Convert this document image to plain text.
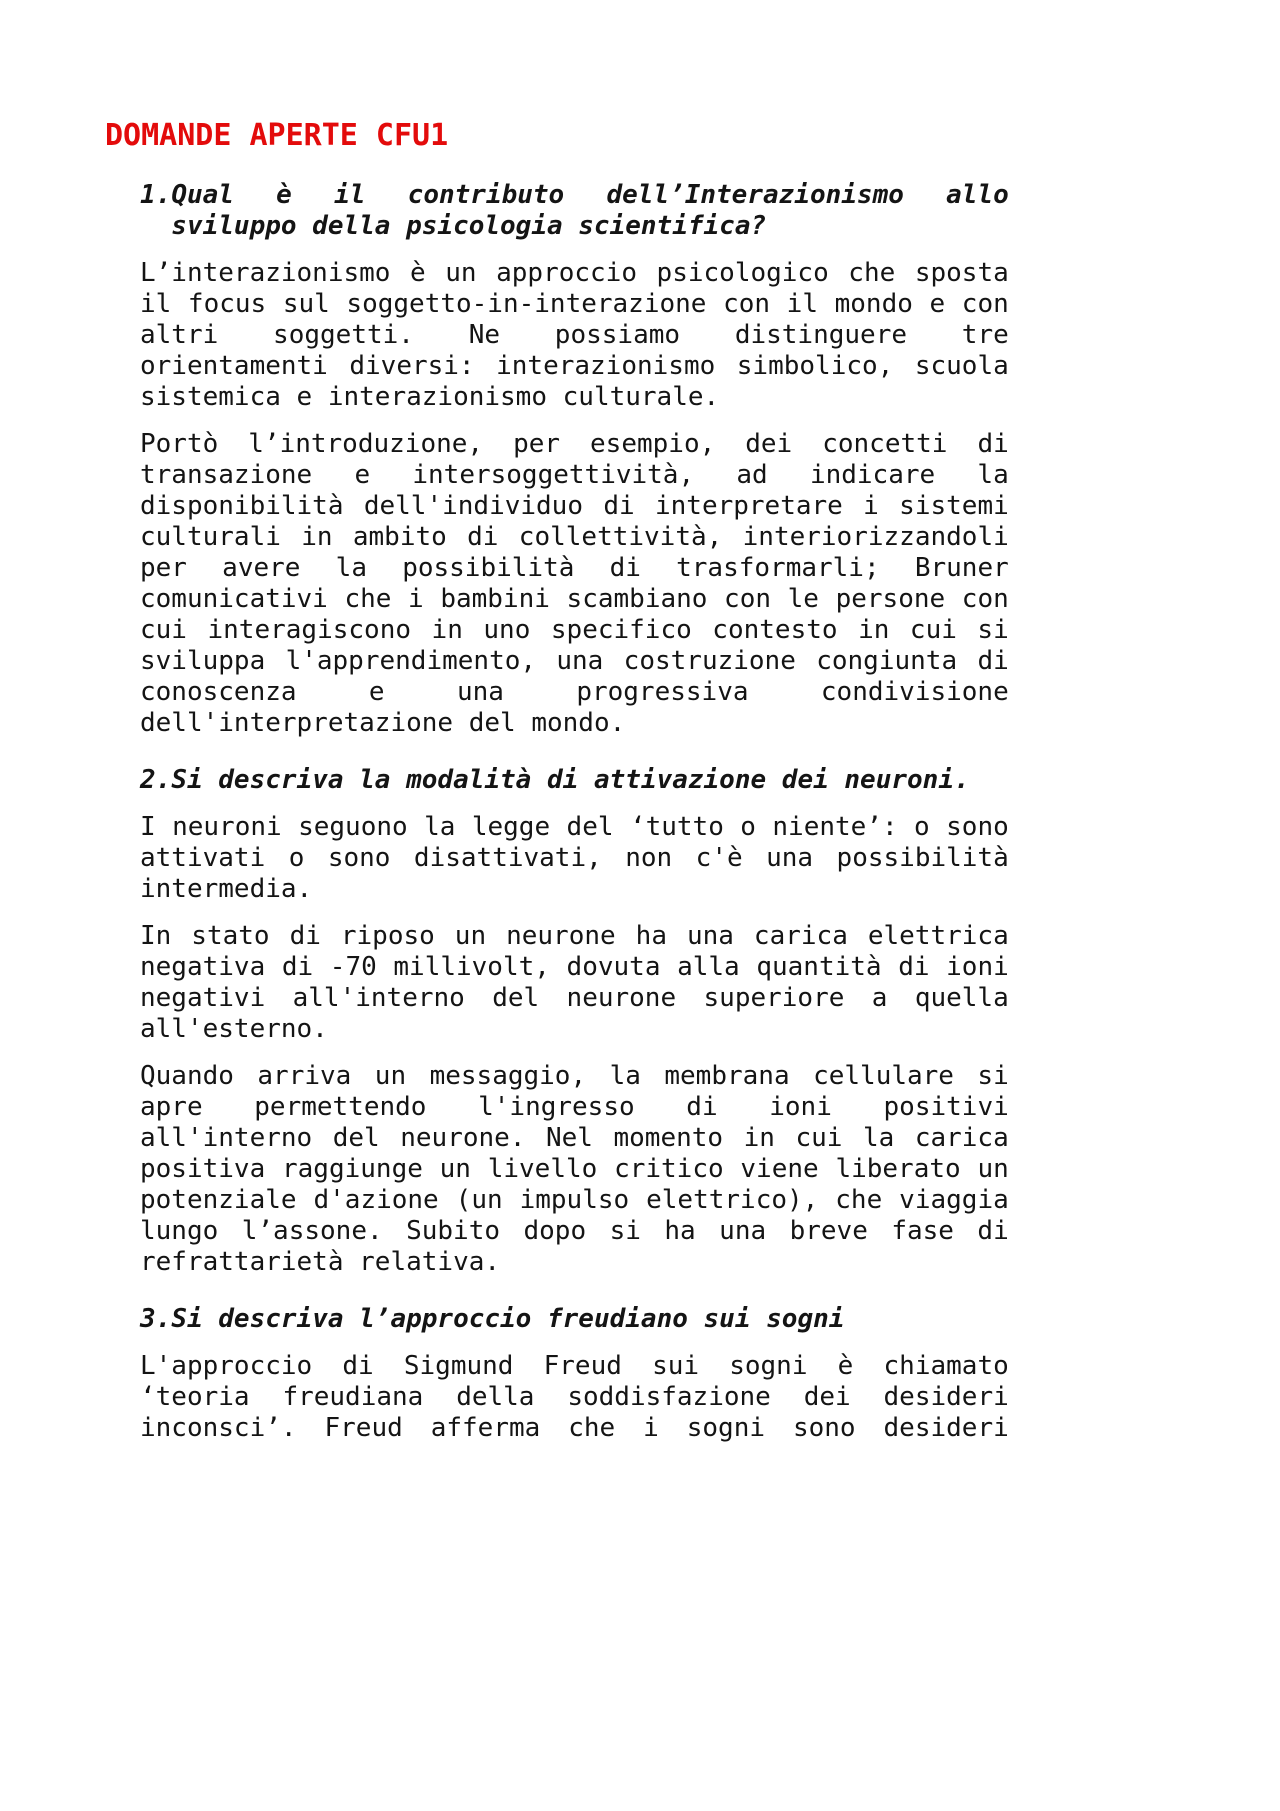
DOMANDE APERTE CFU1
1.Qual è il contributo dell’Interazionismo allo sviluppo della psicologia scientifica?

L’interazionismo è un approccio psicologico che sposta il focus sul soggetto-in-interazione con il mondo e con altri soggetti. Ne possiamo distinguere tre orientamenti diversi: interazionismo simbolico, scuola sistemica e interazionismo culturale.

Portò l’introduzione, per esempio, dei concetti di transazione e intersoggettività, ad indicare la disponibilità dell'individuo di interpretare i sistemi culturali in ambito di collettività, interiorizzandoli per avere la possibilità di trasformarli; Bruner comunicativi che i bambini scambiano con le persone con cui interagiscono in uno specifico contesto in cui si sviluppa l'apprendimento, una costruzione congiunta di conoscenza e una progressiva condivisione dell'interpretazione del mondo.

2.Si descriva la modalità di attivazione dei neuroni.

I neuroni seguono la legge del ‘tutto o niente’: o sono attivati o sono disattivati, non c'è una possibilità intermedia.

In stato di riposo un neurone ha una carica elettrica negativa di -70 millivolt, dovuta alla quantità di ioni negativi all'interno del neurone superiore a quella all'esterno.

Quando arriva un messaggio, la membrana cellulare si apre permettendo l'ingresso di ioni positivi all'interno del neurone. Nel momento in cui la carica positiva raggiunge un livello critico viene liberato un potenziale d'azione (un impulso elettrico), che viaggia lungo l’assone. Subito dopo si ha una breve fase di refrattarietà relativa.

3.Si descriva l’approccio freudiano sui sogni

L'approccio di Sigmund Freud sui sogni è chiamato ‘teoria freudiana della soddisfazione dei desideri inconsci’. Freud afferma che i sogni sono desideri
